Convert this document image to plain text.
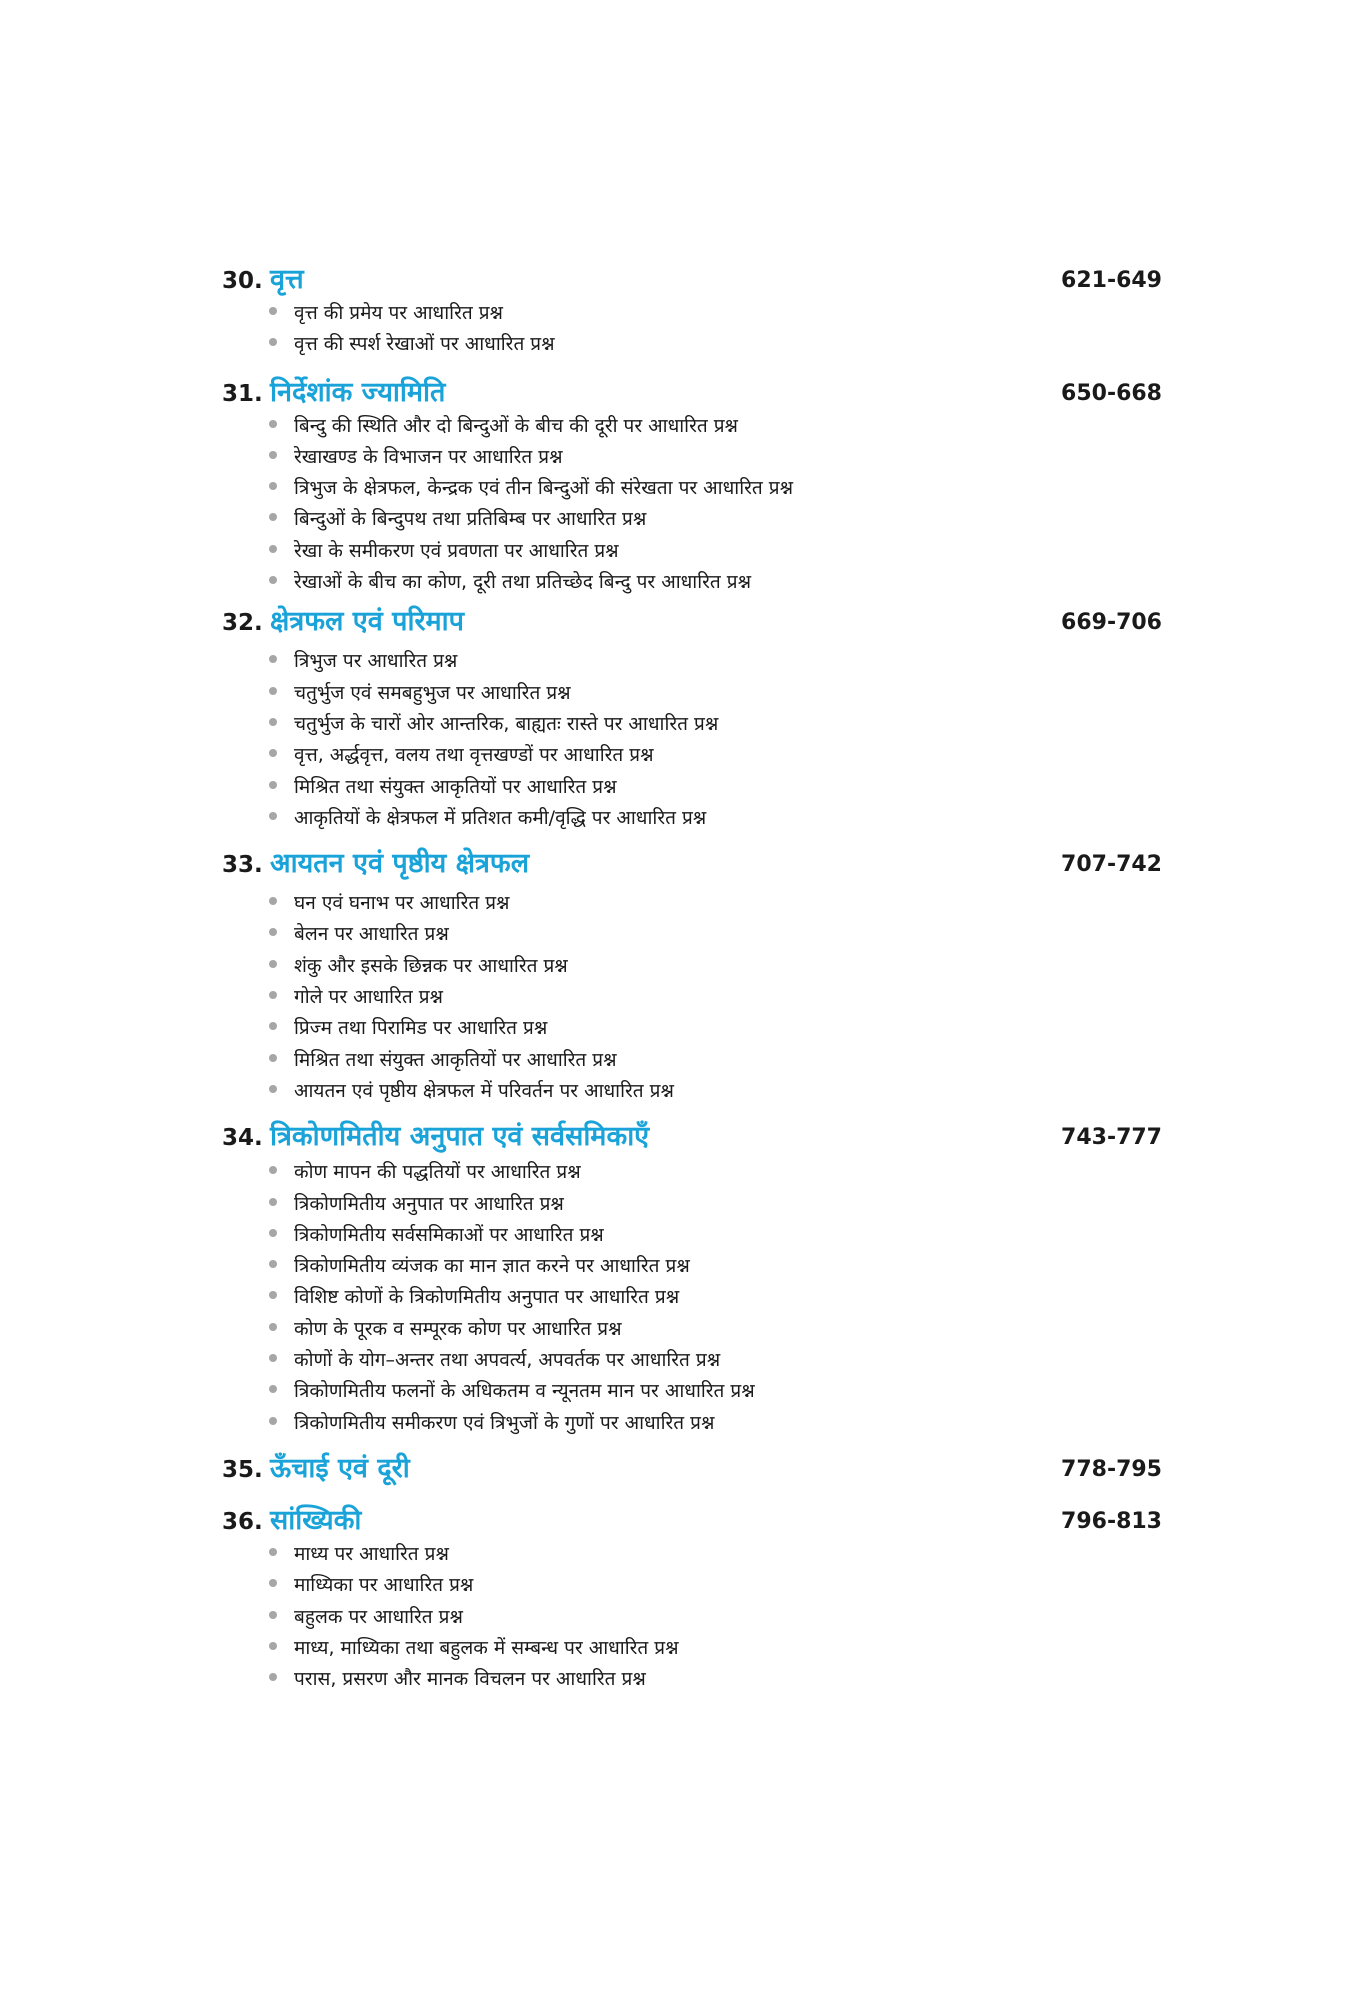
30. वृत्त	621-649
वृत्त की प्रमेय पर आधारित प्रश्न
वृत्त की स्पर्श रेखाओं पर आधारित प्रश्न
31. निर्देशांक ज्यामिति	650-668
बिन्दु की स्थिति और दो बिन्दुओं के बीच की दूरी पर आधारित प्रश्न
रेखाखण्ड के विभाजन पर आधारित प्रश्न
त्रिभुज के क्षेत्रफल, केन्द्रक एवं तीन बिन्दुओं की संरेखता पर आधारित प्रश्न
बिन्दुओं के बिन्दुपथ तथा प्रतिबिम्ब पर आधारित प्रश्न
रेखा के समीकरण एवं प्रवणता पर आधारित प्रश्न
रेखाओं के बीच का कोण, दूरी तथा प्रतिच्छेद बिन्दु पर आधारित प्रश्न
32. क्षेत्रफल एवं परिमाप	669-706
त्रिभुज पर आधारित प्रश्न
चतुर्भुज एवं समबहुभुज पर आधारित प्रश्न
चतुर्भुज के चारों ओर आन्तरिक, बाह्यतः रास्ते पर आधारित प्रश्न
वृत्त, अर्द्धवृत्त, वलय तथा वृत्तखण्डों पर आधारित प्रश्न
मिश्रित तथा संयुक्त आकृतियों पर आधारित प्रश्न
आकृतियों के क्षेत्रफल में प्रतिशत कमी/वृद्धि पर आधारित प्रश्न
33. आयतन एवं पृष्ठीय क्षेत्रफल	707-742
घन एवं घनाभ पर आधारित प्रश्न
बेलन पर आधारित प्रश्न
शंकु और इसके छिन्नक पर आधारित प्रश्न
गोले पर आधारित प्रश्न
प्रिज्म तथा पिरामिड पर आधारित प्रश्न
मिश्रित तथा संयुक्त आकृतियों पर आधारित प्रश्न
आयतन एवं पृष्ठीय क्षेत्रफल में परिवर्तन पर आधारित प्रश्न
34. त्रिकोणमितीय अनुपात एवं सर्वसमिकाएँ	743-777
कोण मापन की पद्धतियों पर आधारित प्रश्न
त्रिकोणमितीय अनुपात पर आधारित प्रश्न
त्रिकोणमितीय सर्वसमिकाओं पर आधारित प्रश्न
त्रिकोणमितीय व्यंजक का मान ज्ञात करने पर आधारित प्रश्न
विशिष्ट कोणों के त्रिकोणमितीय अनुपात पर आधारित प्रश्न
कोण के पूरक व सम्पूरक कोण पर आधारित प्रश्न
कोणों के योग–अन्तर तथा अपवर्त्य, अपवर्तक पर आधारित प्रश्न
त्रिकोणमितीय फलनों के अधिकतम व न्यूनतम मान पर आधारित प्रश्न
त्रिकोणमितीय समीकरण एवं त्रिभुजों के गुणों पर आधारित प्रश्न
35. ऊँचाई एवं दूरी	778-795
36. सांख्यिकी	796-813
माध्य पर आधारित प्रश्न
माध्यिका पर आधारित प्रश्न
बहुलक पर आधारित प्रश्न
माध्य, माध्यिका तथा बहुलक में सम्बन्ध पर आधारित प्रश्न
परास, प्रसरण और मानक विचलन पर आधारित प्रश्न
